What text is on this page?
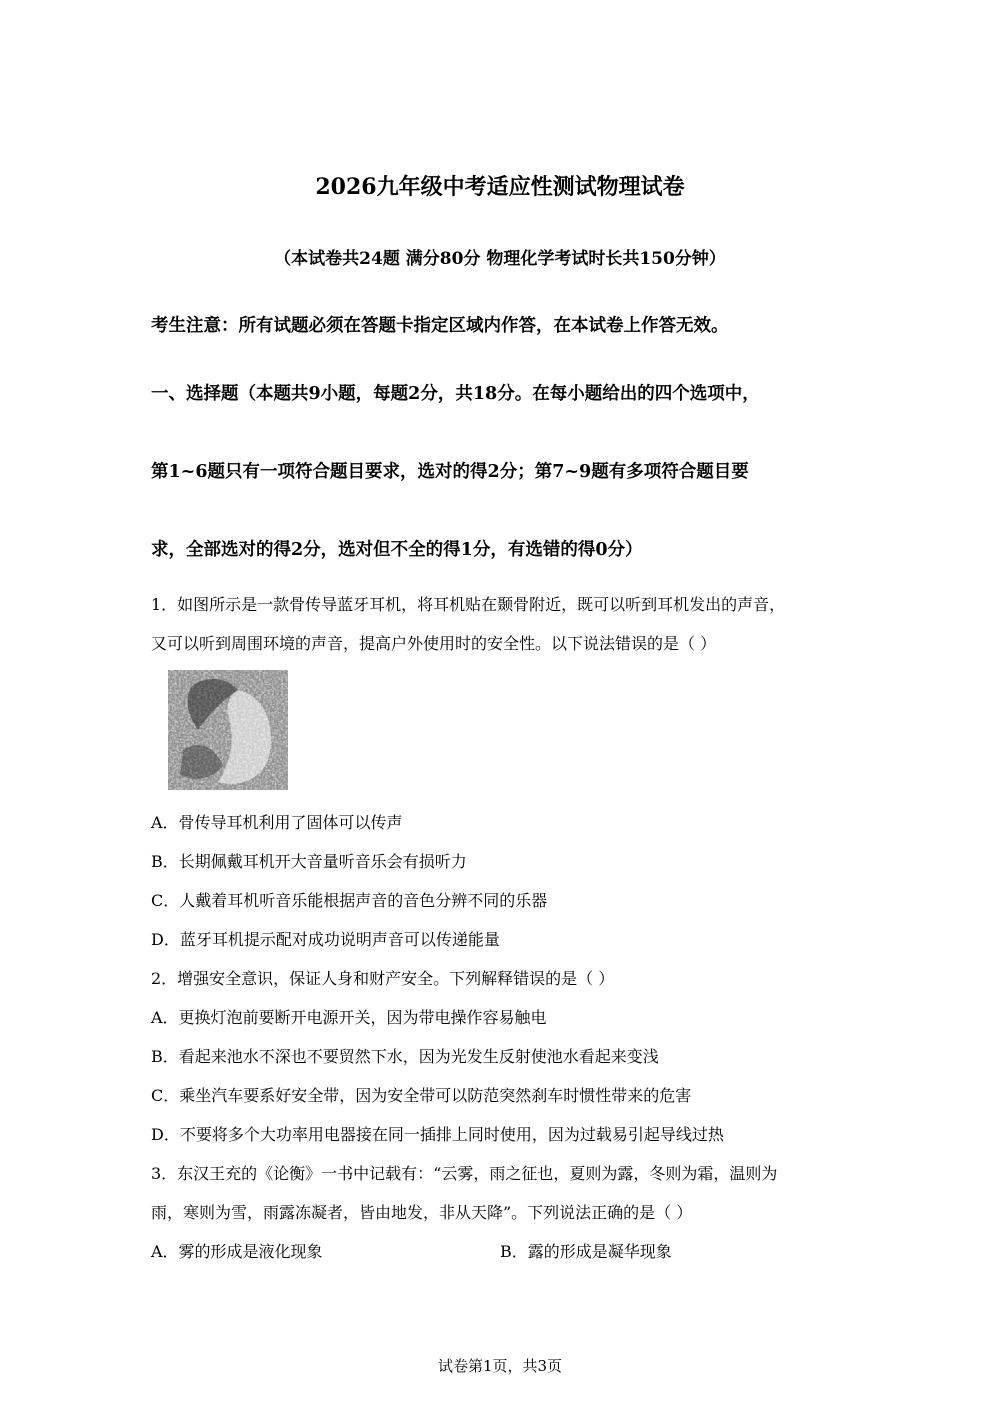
2026九年级中考适应性测试物理试卷
（本试卷共24题 满分80分 物理化学考试时长共150分钟）
考生注意：所有试题必须在答题卡指定区域内作答，在本试卷上作答无效。
一、选择题（本题共9小题，每题2分，共18分。在每小题给出的四个选项中，
第1~6题只有一项符合题目要求，选对的得2分；第7~9题有多项符合题目要
求，全部选对的得2分，选对但不全的得1分，有选错的得0分）
1．如图所示是一款骨传导蓝牙耳机，将耳机贴在颞骨附近，既可以听到耳机发出的声音，
又可以听到周围环境的声音，提高户外使用时的安全性。以下说法错误的是（ ）
A．骨传导耳机利用了固体可以传声
B．长期佩戴耳机开大音量听音乐会有损听力
C．人戴着耳机听音乐能根据声音的音色分辨不同的乐器
D．蓝牙耳机提示配对成功说明声音可以传递能量
2．增强安全意识，保证人身和财产安全。下列解释错误的是（ ）
A．更换灯泡前要断开电源开关，因为带电操作容易触电
B．看起来池水不深也不要贸然下水，因为光发生反射使池水看起来变浅
C．乘坐汽车要系好安全带，因为安全带可以防范突然刹车时惯性带来的危害
D．不要将多个大功率用电器接在同一插排上同时使用，因为过载易引起导线过热
3．东汉王充的《论衡》一书中记载有：“云雾，雨之征也，夏则为露，冬则为霜，温则为
雨，寒则为雪，雨露冻凝者，皆由地发，非从天降”。下列说法正确的是（ ）
A．雾的形成是液化现象	B．露的形成是凝华现象
试卷第1页，共3页
